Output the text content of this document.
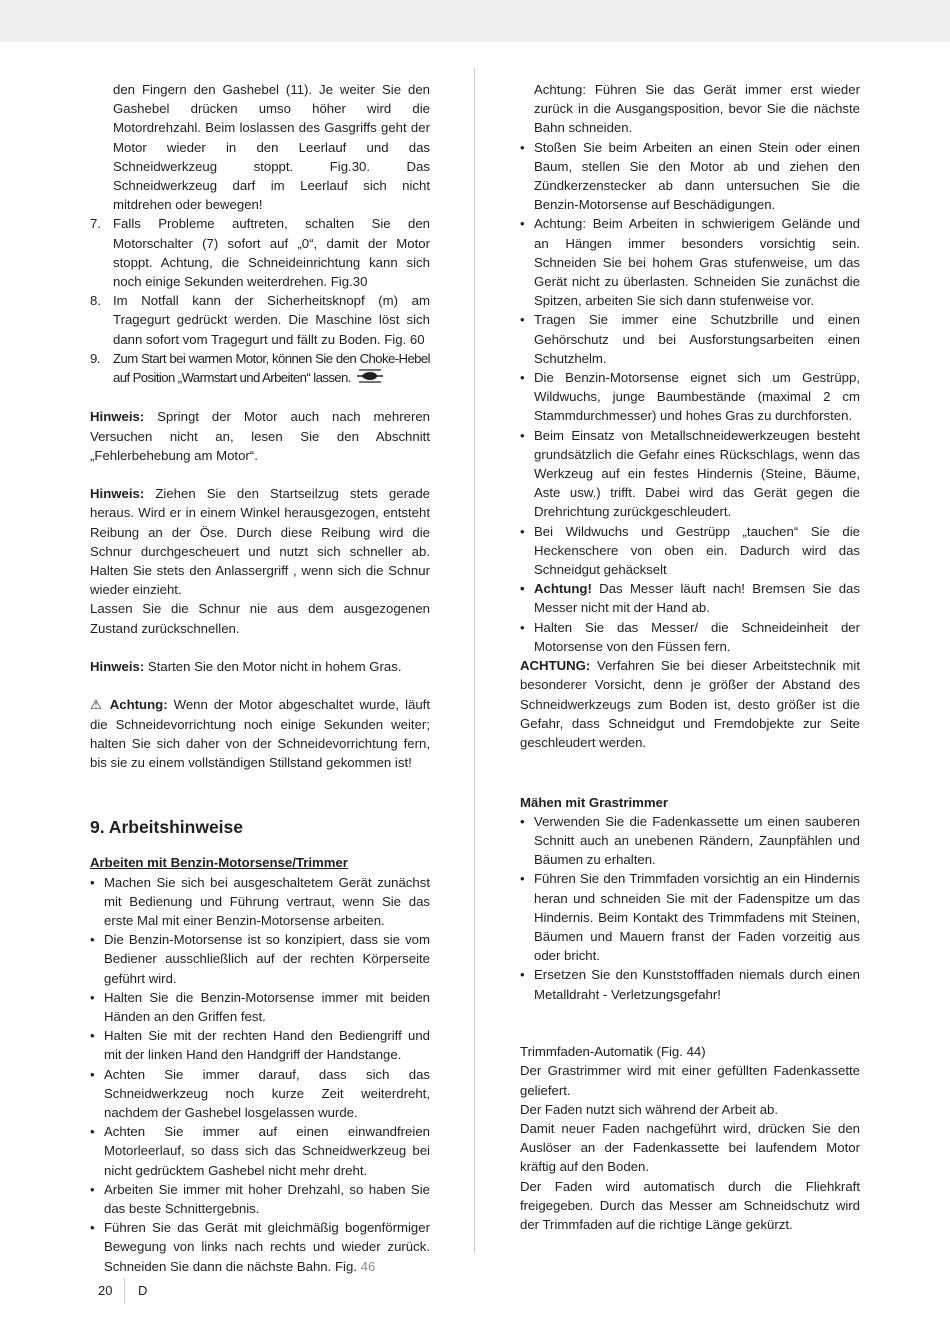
den Fingern den Gashebel (11). Je weiter Sie den Gashebel drücken umso höher wird die Motordrehzahl. Beim loslassen des Gasgriffs geht der Motor wieder in den Leerlauf und das Schneidwerkzeug stoppt. Fig.30. Das Schneidwerkzeug darf im Leerlauf sich nicht mitdrehen oder bewegen!

7. Falls Probleme auftreten, schalten Sie den Motorschalter (7) sofort auf „0“, damit der Motor stoppt. Achtung, die Schneideinrichtung kann sich noch einige Sekunden weiterdrehen. Fig.30
8. Im Notfall kann der Sicherheitsknopf (m) am Tragegurt gedrückt werden. Die Maschine löst sich dann sofort vom Tragegurt und fällt zu Boden. Fig. 60
9. Zum Start bei warmen Motor, können Sie den Choke-Hebel auf Position „Warmstart und Arbeiten“ lassen.

Hinweis: Springt der Motor auch nach mehreren Versuchen nicht an, lesen Sie den Abschnitt „Fehlerbehebung am Motor“.

Hinweis: Ziehen Sie den Startseilzug stets gerade heraus. Wird er in einem Winkel herausgezogen, entsteht Reibung an der Öse. Durch diese Reibung wird die Schnur durchgescheuert und nutzt sich schneller ab. Halten Sie stets den Anlassergriff , wenn sich die Schnur wieder einzieht.

Lassen Sie die Schnur nie aus dem ausgezogenen Zustand zurückschnellen.

Hinweis: Starten Sie den Motor nicht in hohem Gras.

⚠ Achtung: Wenn der Motor abgeschaltet wurde, läuft die Schneidevorrichtung noch einige Sekunden weiter; halten Sie sich daher von der Schneidevorrichtung fern, bis sie zu einem vollständigen Stillstand gekommen ist!

9. Arbeitshinweise

Arbeiten mit Benzin-Motorsense/Trimmer

• Machen Sie sich bei ausgeschaltetem Gerät zunächst mit Bedienung und Führung vertraut, wenn Sie das erste Mal mit einer Benzin-Motorsense arbeiten.
• Die Benzin-Motorsense ist so konzipiert, dass sie vom Bediener ausschließlich auf der rechten Körperseite geführt wird.
• Halten Sie die Benzin-Motorsense immer mit beiden Händen an den Griffen fest.
• Halten Sie mit der rechten Hand den Bediengriff und mit der linken Hand den Handgriff der Handstange.
• Achten Sie immer darauf, dass sich das Schneidwerkzeug noch kurze Zeit weiterdreht, nachdem der Gashebel losgelassen wurde.
• Achten Sie immer auf einen einwandfreien Motorleerlauf, so dass sich das Schneidwerkzeug bei nicht gedrücktem Gashebel nicht mehr dreht.
• Arbeiten Sie immer mit hoher Drehzahl, so haben Sie das beste Schnittergebnis.
• Führen Sie das Gerät mit gleichmäßig bogenförmiger Bewegung von links nach rechts und wieder zurück. Schneiden Sie dann die nächste Bahn. Fig. 46

Achtung: Führen Sie das Gerät immer erst wieder zurück in die Ausgangsposition, bevor Sie die nächste Bahn schneiden.

• Stoßen Sie beim Arbeiten an einen Stein oder einen Baum, stellen Sie den Motor ab und ziehen den Zündkerzenstecker ab dann untersuchen Sie die Benzin-Motorsense auf Beschädigungen.
• Achtung: Beim Arbeiten in schwierigem Gelände und an Hängen immer besonders vorsichtig sein. Schneiden Sie bei hohem Gras stufenweise, um das Gerät nicht zu überlasten. Schneiden Sie zunächst die Spitzen, arbeiten Sie sich dann stufenweise vor.
• Tragen Sie immer eine Schutzbrille und einen Gehörschutz und bei Ausforstungsarbeiten einen Schutzhelm.
• Die Benzin-Motorsense eignet sich um Gestrüpp, Wildwuchs, junge Baumbestände (maximal 2 cm Stammdurchmesser) und hohes Gras zu durchforsten.
• Beim Einsatz von Metallschneidewerkzeugen besteht grundsätzlich die Gefahr eines Rückschlags, wenn das Werkzeug auf ein festes Hindernis (Steine, Bäume, Aste usw.) trifft. Dabei wird das Gerät gegen die Drehrichtung zurückgeschleudert.
• Bei Wildwuchs und Gestrüpp „tauchen“ Sie die Heckenschere von oben ein. Dadurch wird das Schneidgut gehäckselt
• Achtung! Das Messer läuft nach! Bremsen Sie das Messer nicht mit der Hand ab.
• Halten Sie das Messer/ die Schneideinheit der Motorsense von den Füssen fern.

ACHTUNG: Verfahren Sie bei dieser Arbeitstechnik mit besonderer Vorsicht, denn je größer der Abstand des Schneidwerkzeugs zum Boden ist, desto größer ist die Gefahr, dass Schneidgut und Fremdobjekte zur Seite geschleudert werden.

Mähen mit Grastrimmer

• Verwenden Sie die Fadenkassette um einen sauberen Schnitt auch an unebenen Rändern, Zaunpfählen und Bäumen zu erhalten.
• Führen Sie den Trimmfaden vorsichtig an ein Hindernis heran und schneiden Sie mit der Fadenspitze um das Hindernis. Beim Kontakt des Trimmfadens mit Steinen, Bäumen und Mauern franst der Faden vorzeitig aus oder bricht.
• Ersetzen Sie den Kunststofffaden niemals durch einen Metalldraht - Verletzungsgefahr!

Trimmfaden-Automatik (Fig. 44)

Der Grastrimmer wird mit einer gefüllten Fadenkassette geliefert.

Der Faden nutzt sich während der Arbeit ab.

Damit neuer Faden nachgeführt wird, drücken Sie den Auslöser an der Fadenkassette bei laufendem Motor kräftig auf den Boden.

Der Faden wird automatisch durch die Fliehkraft freigegeben. Durch das Messer am Schneidschutz wird der Trimmfaden auf die richtige Länge gekürzt.

20 D
